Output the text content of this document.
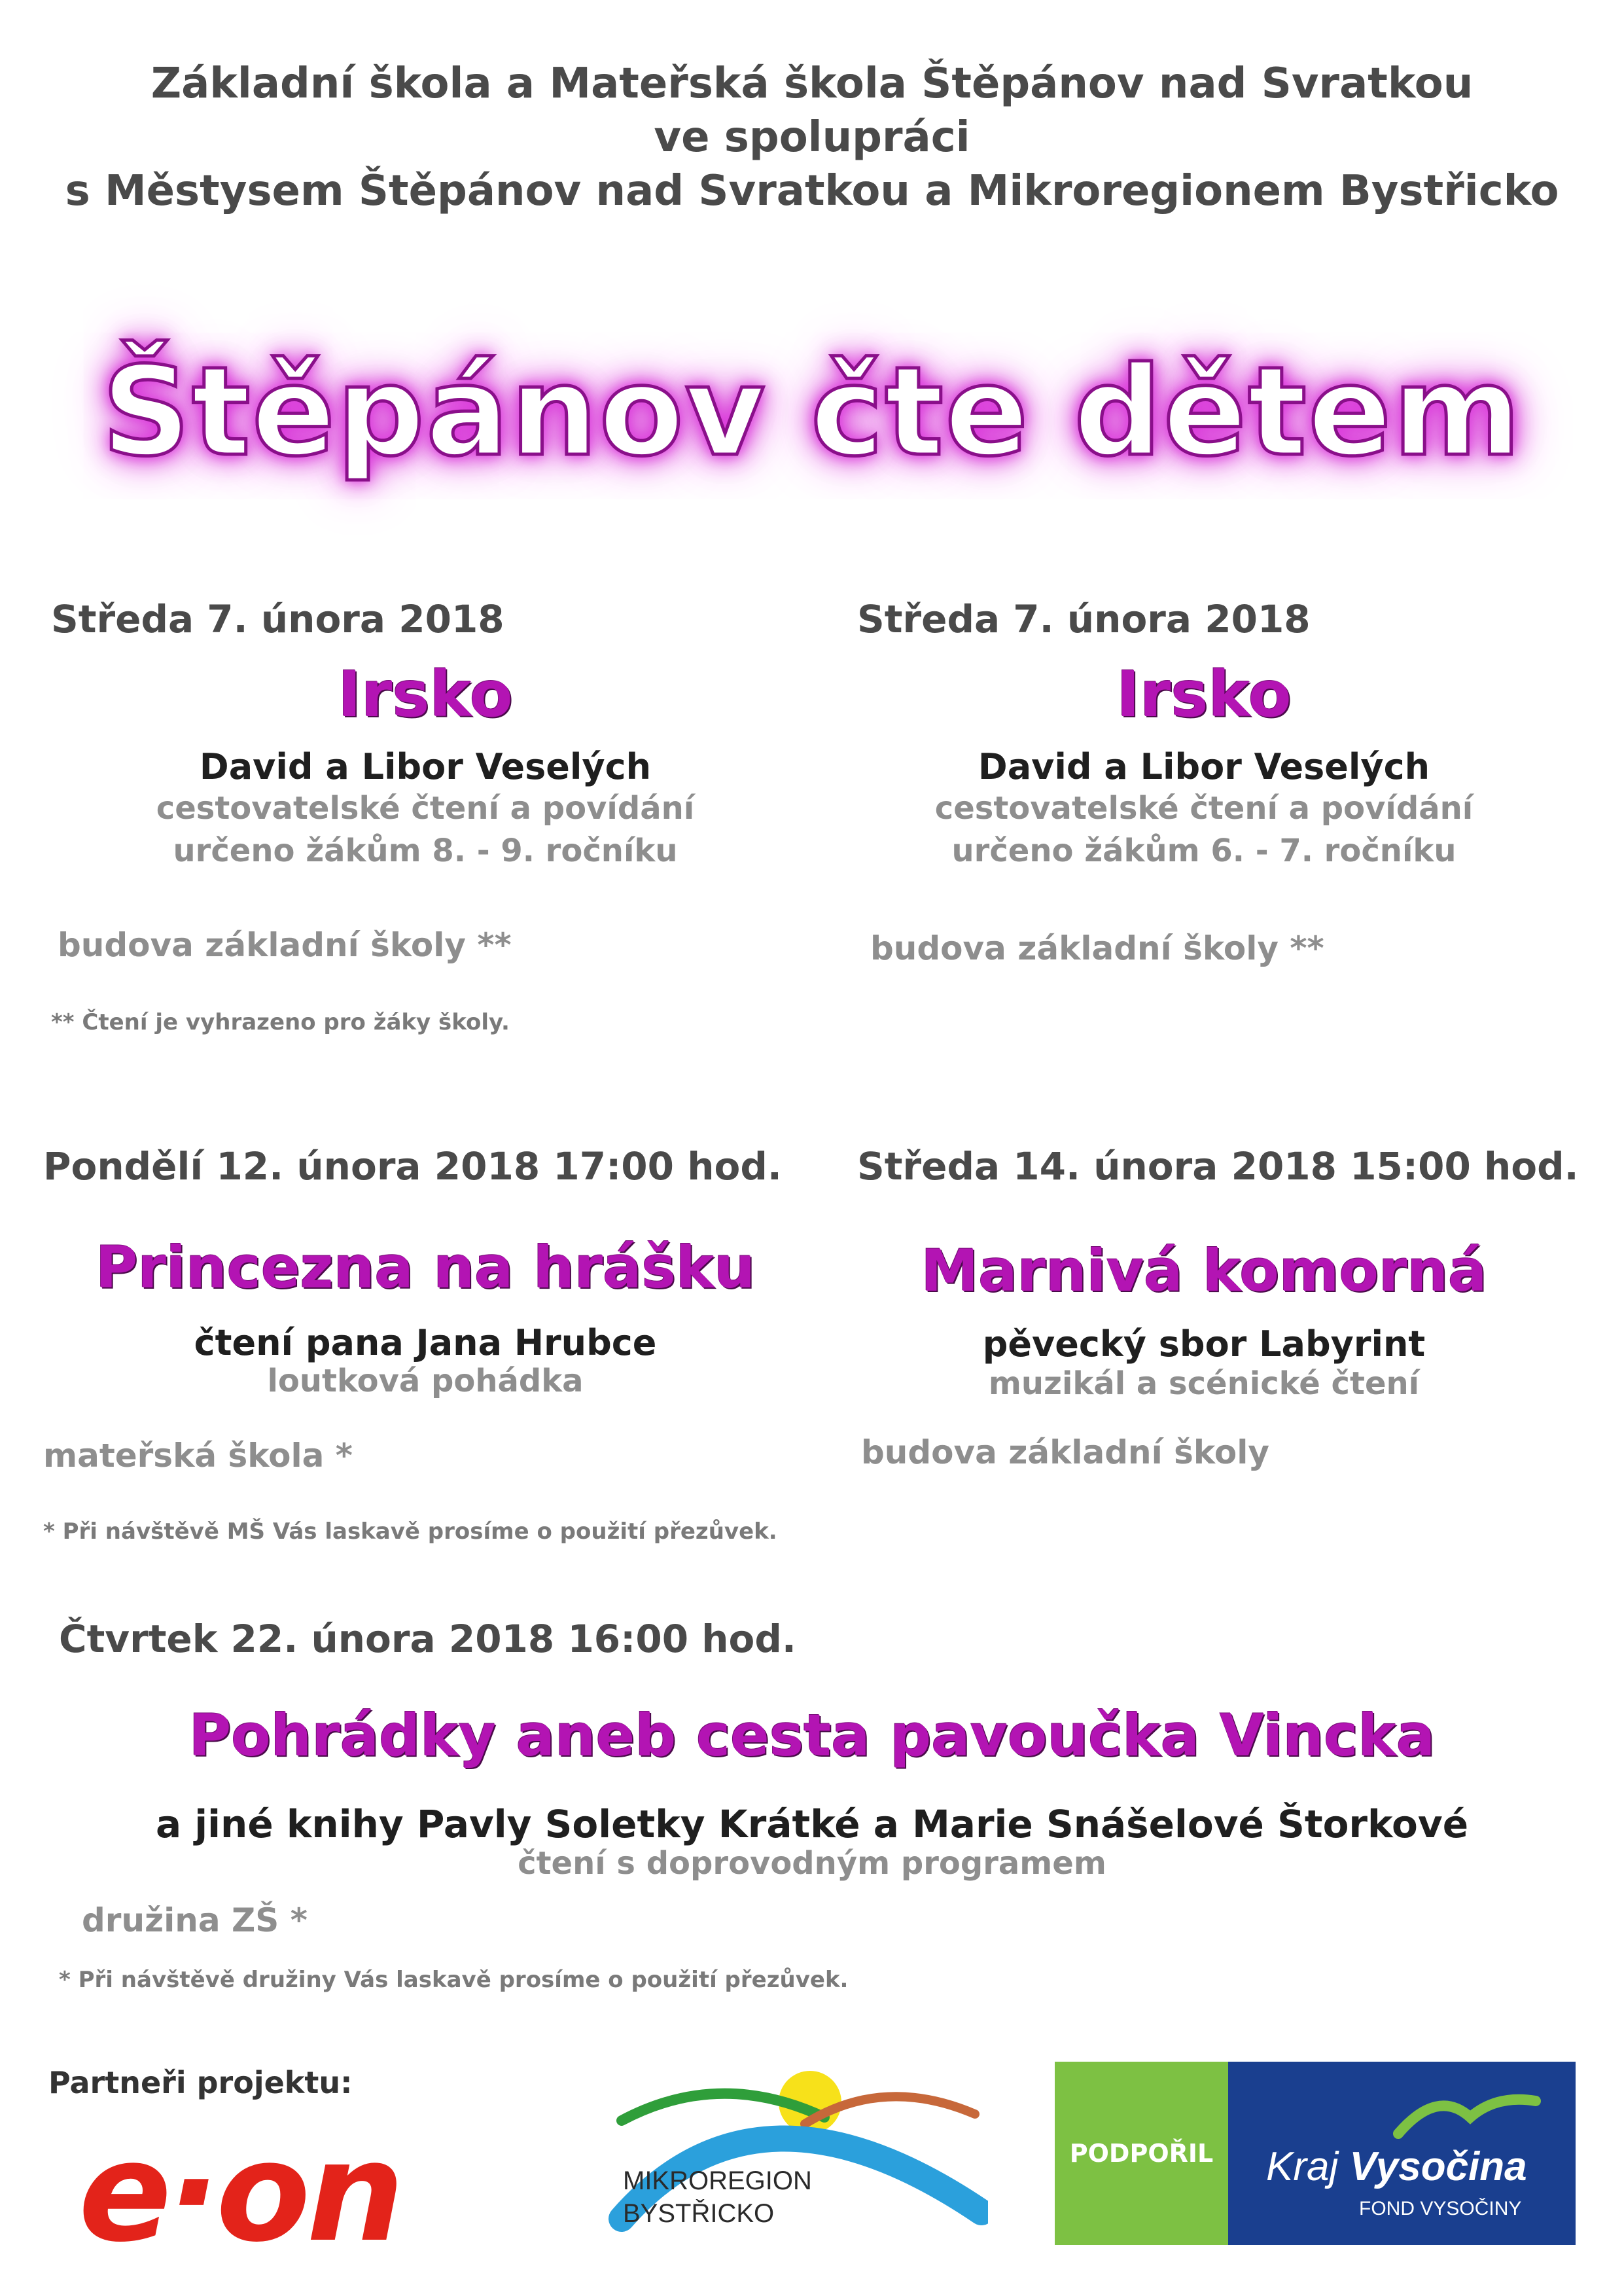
Základní škola a Mateřská škola Štěpánov nad Svratkou
ve spolupráci
s Městysem Štěpánov nad Svratkou a Mikroregionem Bystřicko
Štěpánov čte dětem
Středa 7. února 2018
Irsko
David a Libor Veselých
cestovatelské čtení a povídání
určeno žákům 8. - 9. ročníku
budova základní školy **
** Čtení je vyhrazeno pro žáky školy.
Středa 7. února 2018
Irsko
David a Libor Veselých
cestovatelské čtení a povídání
určeno žákům 6. - 7. ročníku
budova základní školy **
Pondělí 12. února 2018 17:00 hod.
Princezna na hrášku
čtení pana Jana Hrubce
loutková pohádka
mateřská škola *
* Při návštěvě MŠ Vás laskavě prosíme o použití přezůvek.
Středa 14. února 2018 15:00 hod.
Marnivá komorná
pěvecký sbor Labyrint
muzikál a scénické čtení
budova základní školy
Čtvrtek 22. února 2018 16:00 hod.
Pohrádky aneb cesta pavoučka Vincka
a jiné knihy Pavly Soletky Krátké a Marie Snášelové Štorkové
čtení s doprovodným programem
družina ZŠ *
* Při návštěvě družiny Vás laskavě prosíme o použití přezůvek.
Partneři projektu:
e·on	MIKROREGION
BYSTŘICKO
PODPOŘIL	Kraj Vysočina
FOND VYSOČINY
